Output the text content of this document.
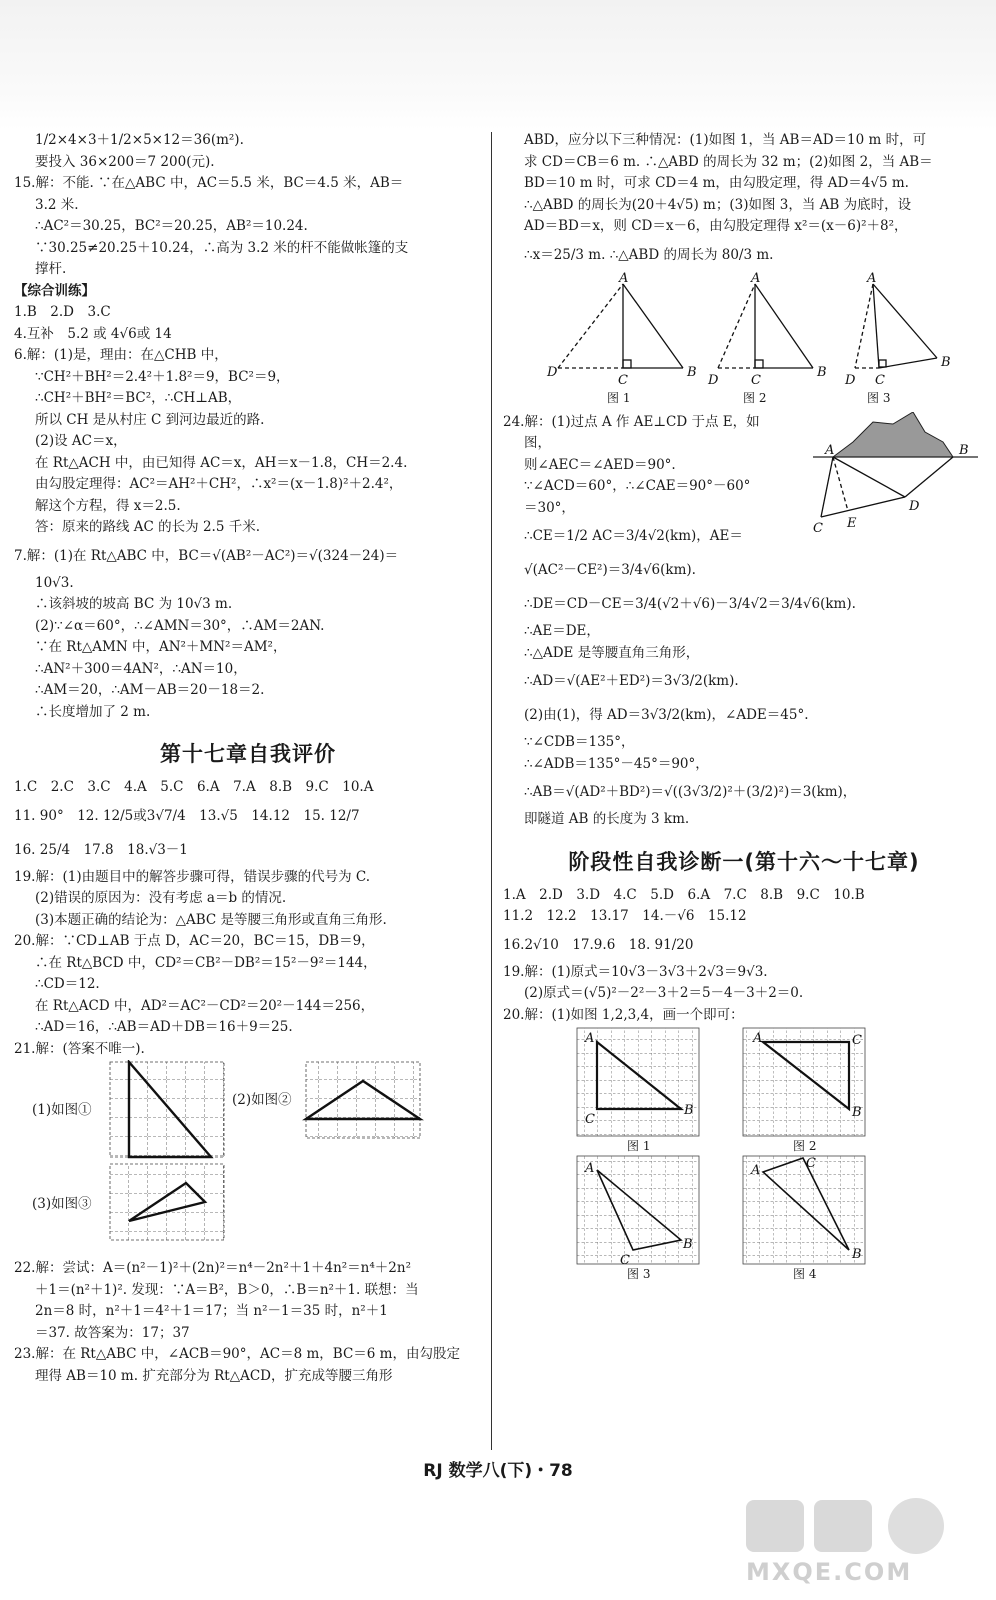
1/2×4×3＋1/2×5×12＝36(m²).
要投入 36×200＝7 200(元).
15.解：不能. ∵在△ABC 中，AC＝5.5 米，BC＝4.5 米，AB＝
3.2 米.
∴AC²＝30.25，BC²＝20.25，AB²＝10.24.
∵30.25≠20.25＋10.24，∴高为 3.2 米的杆不能做帐篷的支
撑杆.
【综合训练】
1.B　2.D　3.C
4.互补　5.2 或 4√6或 14
6.解：(1)是，理由：在△CHB 中，
∵CH²＋BH²＝2.4²＋1.8²＝9，BC²＝9，
∴CH²＋BH²＝BC²，∴CH⊥AB，
所以 CH 是从村庄 C 到河边最近的路.
(2)设 AC＝x，
在 Rt△ACH 中，由已知得 AC＝x，AH＝x－1.8，CH＝2.4.
由勾股定理得：AC²＝AH²＋CH²，∴x²＝(x－1.8)²＋2.4²，
解这个方程，得 x＝2.5.
答：原来的路线 AC 的长为 2.5 千米.
7.解：(1)在 Rt△ABC 中，BC＝√(AB²－AC²)＝√(324－24)＝
10√3.
∴该斜坡的坡高 BC 为 10√3 m.
(2)∵∠α＝60°，∴∠AMN＝30°，∴AM＝2AN.
∵在 Rt△AMN 中，AN²＋MN²＝AM²，
∴AN²＋300＝4AN²，∴AN＝10，
∴AM＝20，∴AM－AB＝20－18＝2.
∴长度增加了 2 m.
第十七章自我评价
1.C　2.C　3.C　4.A　5.C　6.A　7.A　8.B　9.C　10.A
11. 90°　12. 12/5或3√7/4　13.√5　14.12　15. 12/7
16. 25/4　17.8　18.√3－1
19.解：(1)由题目中的解答步骤可得，错误步骤的代号为 C.
(2)错误的原因为：没有考虑 a＝b 的情况.
(3)本题正确的结论为：△ABC 是等腰三角形或直角三角形.
20.解：∵CD⊥AB 于点 D，AC＝20，BC＝15，DB＝9，
∴在 Rt△BCD 中，CD²＝CB²－DB²＝15²－9²＝144，
∴CD＝12.
在 Rt△ACD 中，AD²＝AC²－CD²＝20²－144＝256，
∴AD＝16，∴AB＝AD＋DB＝16＋9＝25.
21.解：(答案不唯一).
(1)如图①
(2)如图②
(3)如图③
22.解：尝试：A＝(n²－1)²＋(2n)²＝n⁴－2n²＋1＋4n²＝n⁴＋2n²
＋1＝(n²＋1)². 发现：∵A＝B²，B＞0，∴B＝n²＋1. 联想：当
2n＝8 时，n²＋1＝4²＋1＝17；当 n²－1＝35 时，n²＋1
＝37. 故答案为：17；37
23.解：在 Rt△ABC 中，∠ACB＝90°，AC＝8 m，BC＝6 m，由勾股定
理得 AB＝10 m. 扩充部分为 Rt△ACD，扩充成等腰三角形
ABD，应分以下三种情况：(1)如图 1，当 AB＝AD＝10 m 时，可
求 CD＝CB＝6 m. ∴△ABD 的周长为 32 m；(2)如图 2，当 AB＝
BD＝10 m 时，可求 CD＝4 m，由勾股定理，得 AD＝4√5 m.
∴△ABD 的周长为(20＋4√5) m；(3)如图 3，当 AB 为底时，设
AD＝BD＝x，则 CD＝x－6，由勾股定理得 x²＝(x－6)²＋8²，
∴x＝25/3 m. ∴△ABD 的周长为 80/3 m.
A
D
C
B
A
D	C
B
A
D C
B
图 1	图 2	图 3
24.解：(1)过点 A 作 AE⊥CD 于点 E，如
图，
则∠AEC＝∠AED＝90°.
∵∠ACD＝60°，∴∠CAE＝90°－60°
＝30°，
∴CE＝1/2 AC＝3/4√2(km)，AE＝
√(AC²－CE²)＝3/4√6(km).
∴DE＝CD－CE＝3/4(√2＋√6)－3/4√2＝3/4√6(km).
∴AE＝DE，
∴△ADE 是等腰直角三角形，
∴AD＝√(AE²＋ED²)＝3√3/2(km).
(2)由(1)，得 AD＝3√3/2(km)，∠ADE＝45°.
∵∠CDB＝135°，
∴∠ADB＝135°－45°＝90°，
∴AB＝√(AD²＋BD²)＝√((3√3/2)²＋(3/2)²)＝3(km)，
即隧道 AB 的长度为 3 km.
A	B
C E
D
阶段性自我诊断一(第十六～十七章)
1.A　2.D　3.D　4.C　5.D　6.A　7.C　8.B　9.C　10.B
11.2　12.2　13.17　14.－√6　15.12
16.2√10　17.9.6　18. 91/20
19.解：(1)原式＝10√3－3√3＋2√3＝9√3.
(2)原式＝(√5)²－2²－3＋2＝5－4－3＋2＝0.
20.解：(1)如图 1,2,3,4，画一个即可：
A
C
B
A	C
B
A
C
B
A	C
B
图 1	图 2
图 3	图 4
RJ 数学八(下)・78
MXQE.COM
